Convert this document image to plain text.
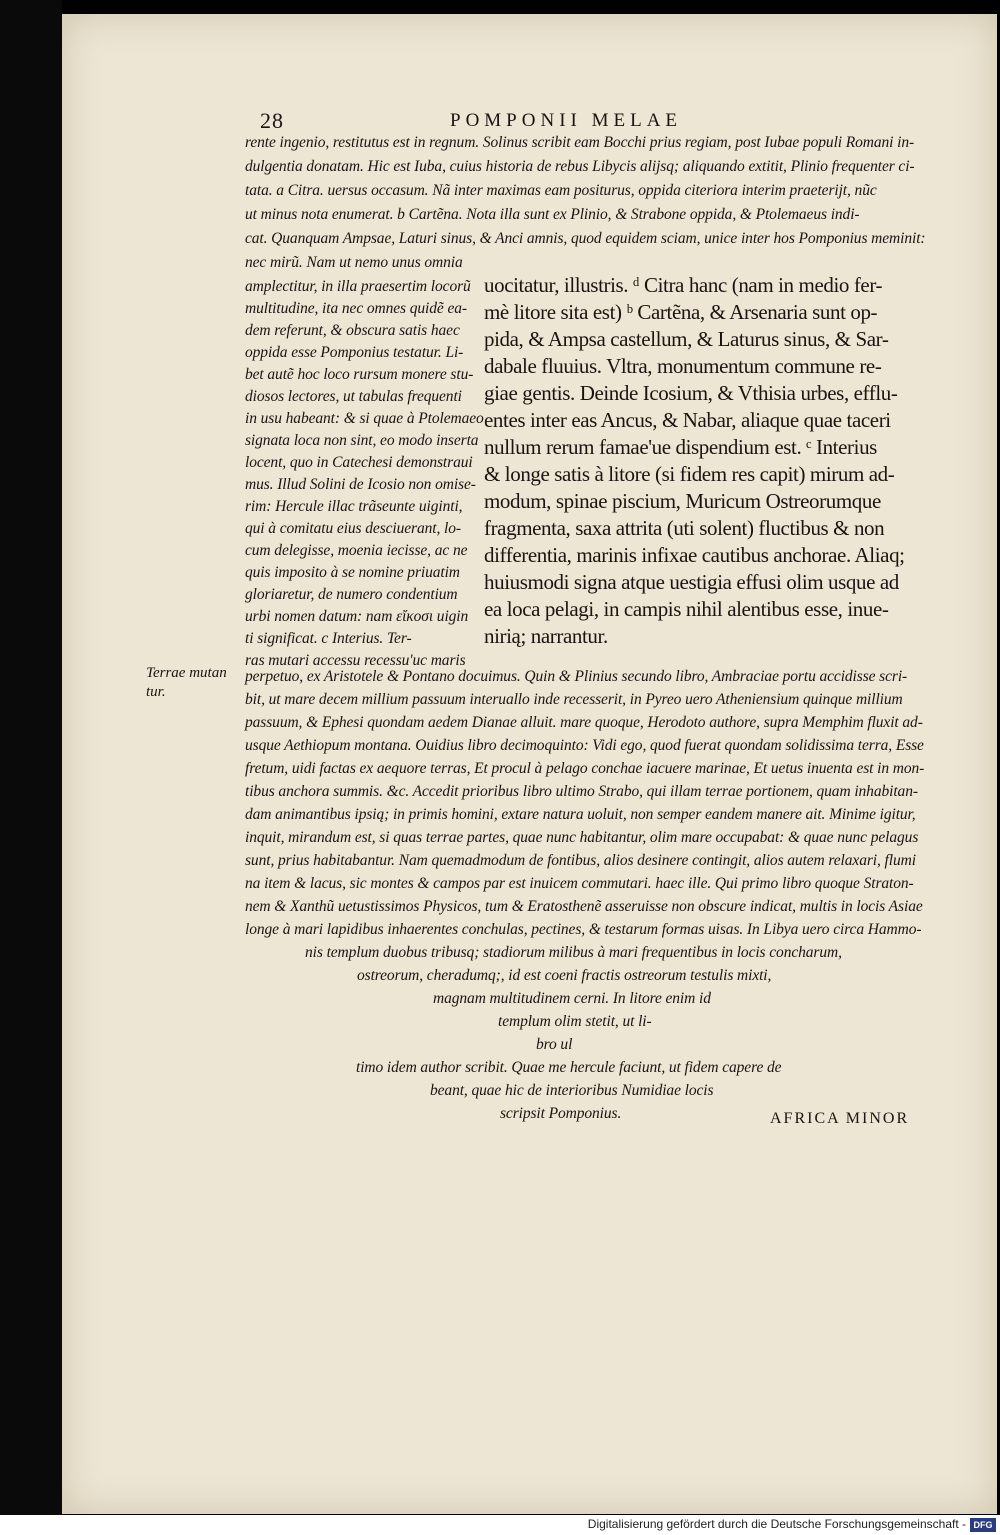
28	POMPONII MELAE
rente ingenio, restitutus est in regnum. Solinus scribit eam Bocchi prius regiam, post Iubae populi Romani in-
dulgentia donatam. Hic est Iuba, cuius historia de rebus Libycis alijsq; aliquando extitit, Plinio frequenter ci-
tata. a Citra. uersus occasum. Nã inter maximas eam positurus, oppida citeriora interim praeterijt, nũc
ut minus nota enumerat. b Cartẽna. Nota illa sunt ex Plinio, & Strabone oppida, & Ptolemaeus indi-
cat. Quanquam Ampsae, Laturi sinus, & Anci amnis, quod equidem sciam, unice inter hos Pomponius meminit:
nec mirũ. Nam ut nemo unus omnia
amplectitur, in illa praesertim locorũ
multitudine, ita nec omnes quidẽ ea-
dem referunt, & obscura satis haec
oppida esse Pomponius testatur. Li-
bet autẽ hoc loco rursum monere stu-
diosos lectores, ut tabulas frequenti
in usu habeant: & si quae à Ptolemaeo
signata loca non sint, eo modo inserta
locent, quo in Catechesi demonstraui
mus. Illud Solini de Icosio non omise-
rim: Hercule illac trãseunte uiginti,
qui à comitatu eius desciuerant, lo-
cum delegisse, moenia iecisse, ac ne
quis imposito à se nomine priuatim
gloriaretur, de numero condentium
urbi nomen datum: nam εἴκοσι uigin
ti significat. c Interius. Ter-
ras mutari accessu recessu'uc maris
uocitatur, illustris. ᵈ Citra hanc (nam in medio fer-
mè litore sita est) ᵇ Cartẽna, & Arsenaria sunt op-
pida, & Ampsa castellum, & Laturus sinus, & Sar-
dabale fluuius. Vltra, monumentum commune re-
giae gentis. Deinde Icosium, & Vthisia urbes, efflu-
entes inter eas Ancus, & Nabar, aliaque quae taceri
nullum rerum famae'ue dispendium est. ᶜ Interius
& longe satis à litore (si fidem res capit) mirum ad-
modum, spinae piscium, Muricum Ostreorumque
fragmenta, saxa attrita (uti solent) fluctibus & non
differentia, marinis infixae cautibus anchorae. Aliaq;
huiusmodi signa atque uestigia effusi olim usque ad
ea loca pelagi, in campis nihil alentibus esse, inue-
nirią; narrantur.
Terrae mutan
tur.
perpetuo, ex Aristotele & Pontano docuimus. Quin & Plinius secundo libro, Ambraciae portu accidisse scri-
bit, ut mare decem millium passuum interuallo inde recesserit, in Pyreo uero Atheniensium quinque millium
passuum, & Ephesi quondam aedem Dianae alluit. mare quoque, Herodoto authore, supra Memphim fluxit ad-
usque Aethiopum montana. Ouidius libro decimoquinto: Vidi ego, quod fuerat quondam solidissima terra, Esse
fretum, uidi factas ex aequore terras, Et procul à pelago conchae iacuere marinae, Et uetus inuenta est in mon-
tibus anchora summis. &c. Accedit prioribus libro ultimo Strabo, qui illam terrae portionem, quam inhabitan-
dam animantibus ipsią; in primis homini, extare natura uoluit, non semper eandem manere ait. Minime igitur,
inquit, mirandum est, si quas terrae partes, quae nunc habitantur, olim mare occupabat: & quae nunc pelagus
sunt, prius habitabantur. Nam quemadmodum de fontibus, alios desinere contingit, alios autem relaxari, flumi
na item & lacus, sic montes & campos par est inuicem commutari. haec ille. Qui primo libro quoque Straton-
nem & Xanthũ uetustissimos Physicos, tum & Eratosthenẽ asseruisse non obscure indicat, multis in locis Asiae
longe à mari lapidibus inhaerentes conchulas, pectines, & testarum formas uisas. In Libya uero circa Hammo-
nis templum duobus tribusq; stadiorum milibus à mari frequentibus in locis concharum,
ostreorum, cheradumq;, id est coeni fractis ostreorum testulis mixti,
magnam multitudinem cerni. In litore enim id
templum olim stetit, ut li-
bro ul
timo idem author scribit. Quae me hercule faciunt, ut fidem capere de
beant, quae hic de interioribus Numidiae locis
scripsit Pomponius.	AFRICA MINOR
Digitalisierung gefördert durch die Deutsche Forschungsgemeinschaft - DFG
